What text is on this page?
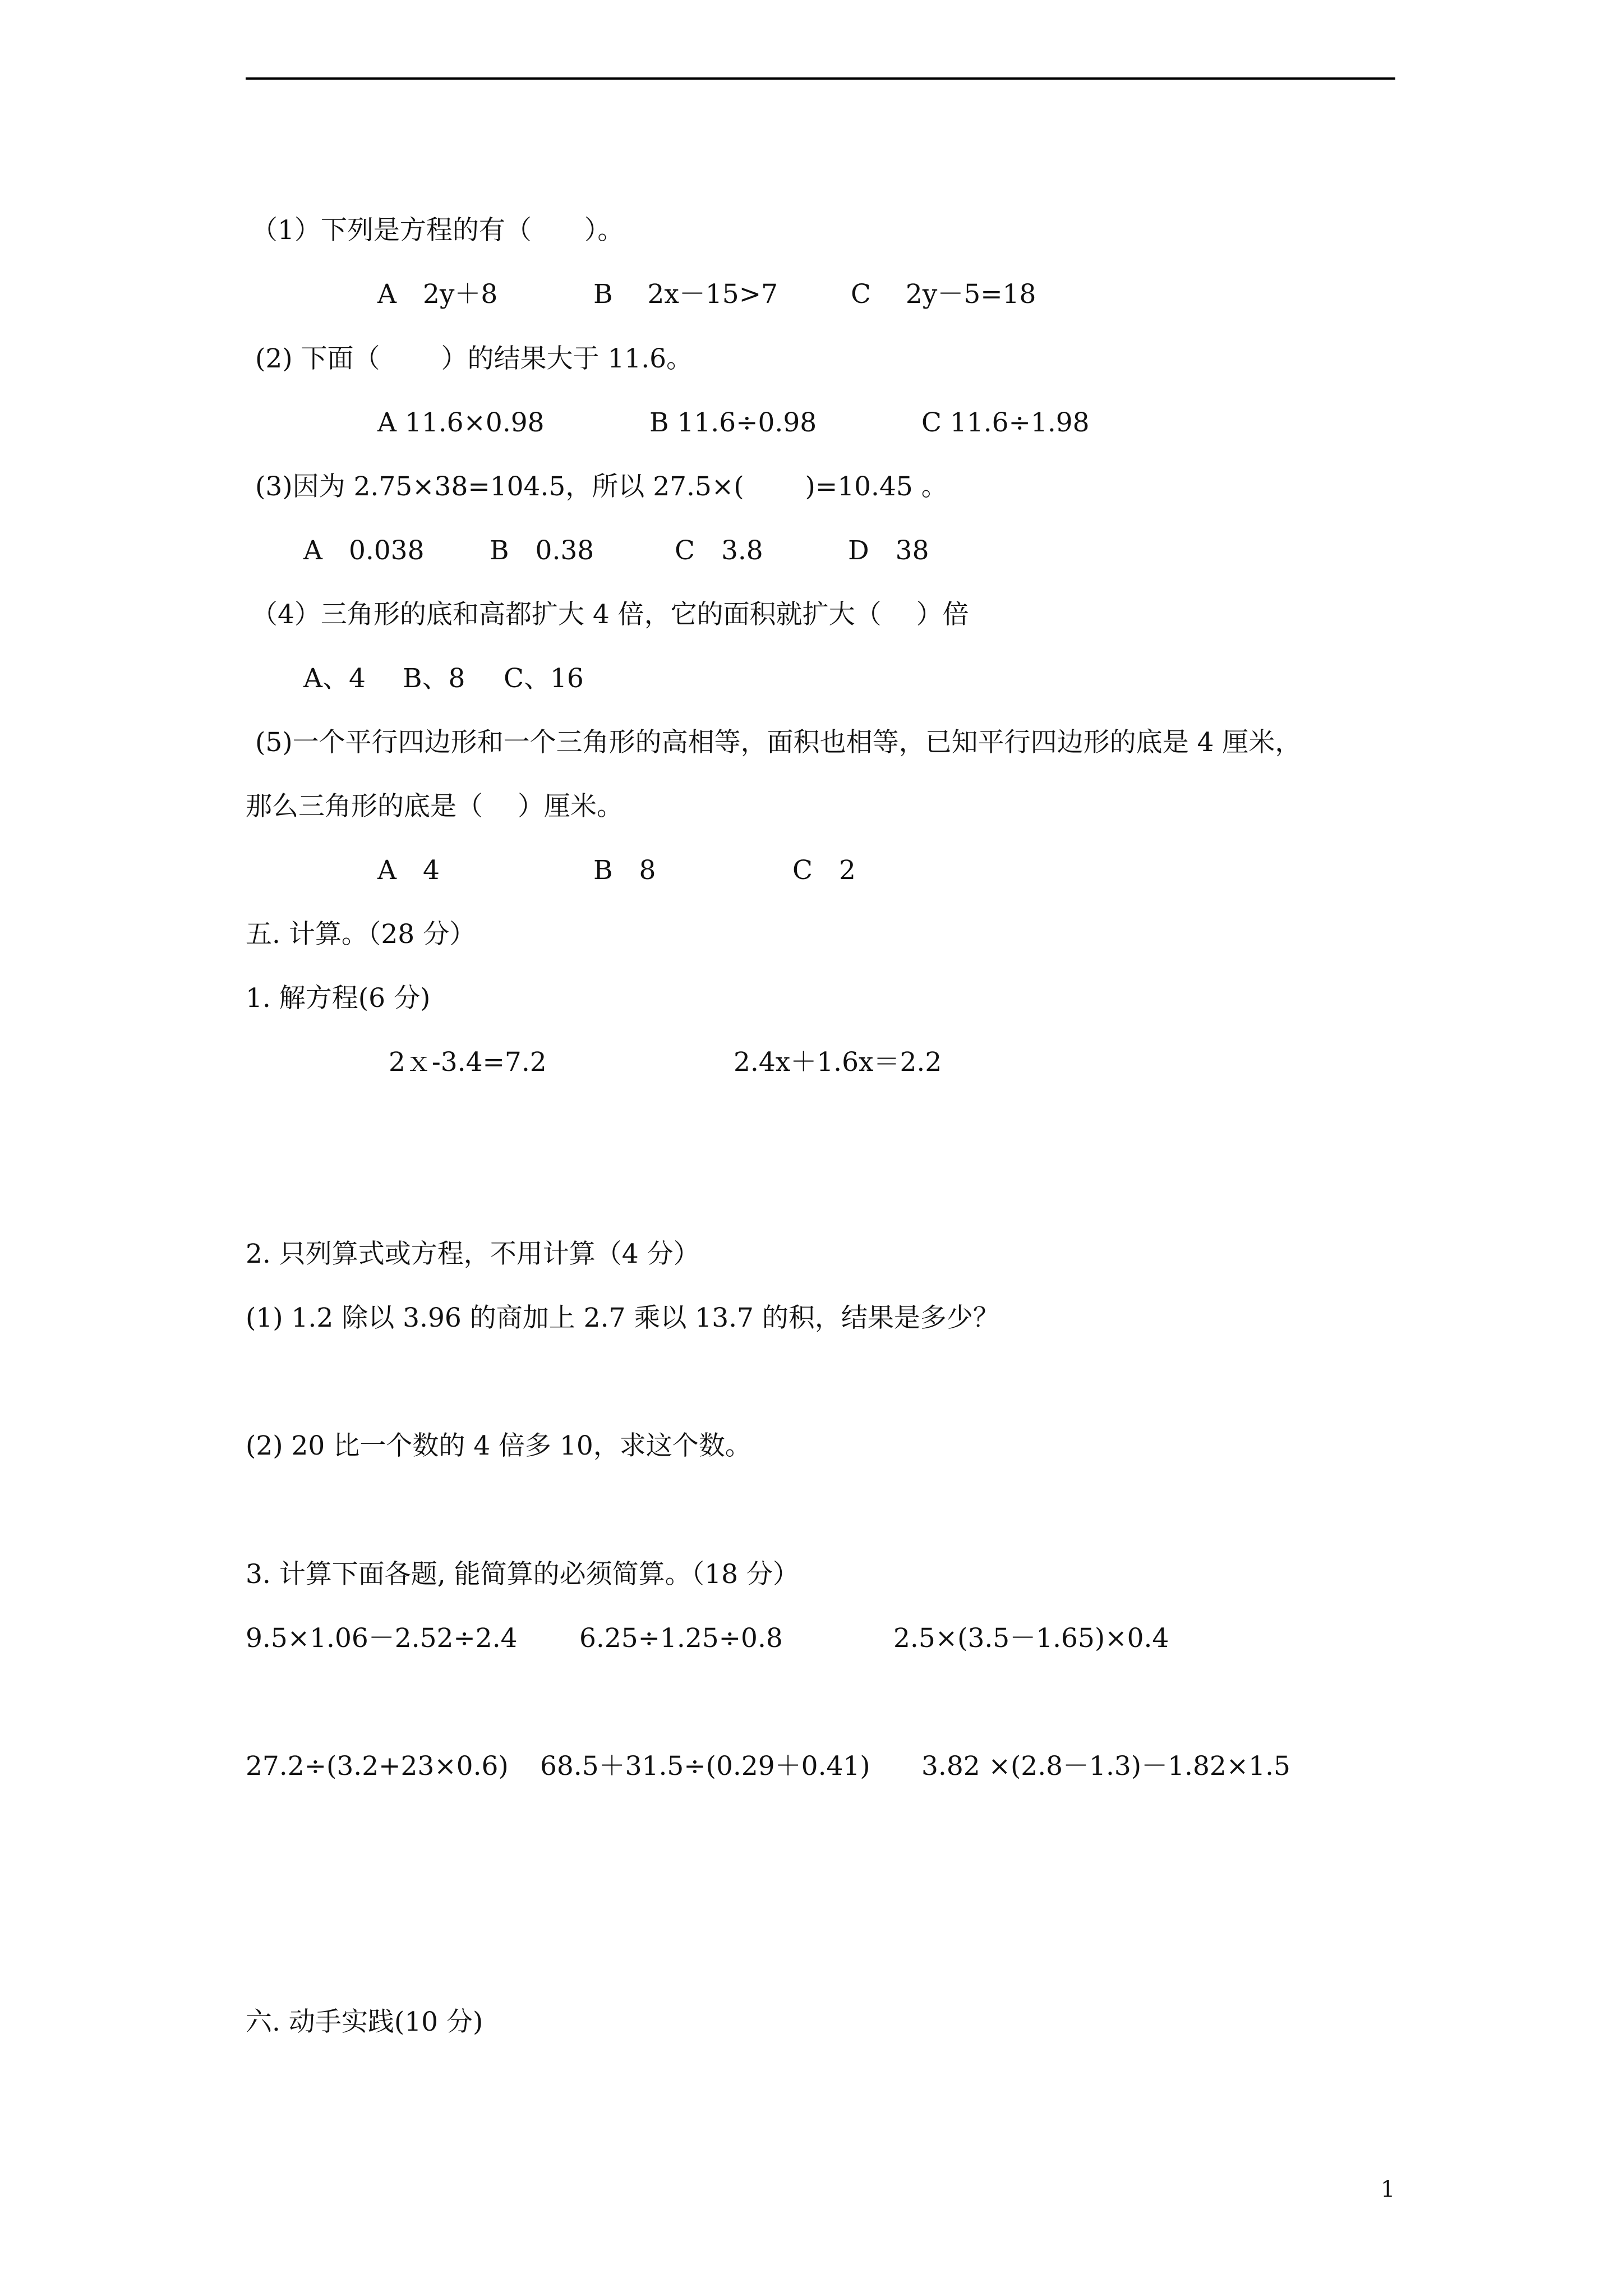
（1）下列是方程的有（　　）。

A　2y＋8	B　 2x－15>7	C　 2y－5=18

(2) 下面（　　 ）的结果大于 11.6。

A 11.6×0.98	B 11.6÷0.98	C 11.6÷1.98

(3)因为 2.75×38=104.5，所以 27.5×(　　 )=10.45 。

A　0.038 B　0.38	C　3.8	D　38

（4）三角形的底和高都扩大 4 倍，它的面积就扩大（　 ）倍

A、4 B、8 C、16

(5)一个平行四边形和一个三角形的高相等，面积也相等，已知平行四边形的底是 4 厘米，

那么三角形的底是（　 ）厘米。

A　4	B　8	C　2

五. 计算。（28 分）

1. 解方程(6 分)

2ｘ-3.4=7.2	2.4x＋1.6x＝2.2

2. 只列算式或方程，不用计算（4 分）

(1) 1.2 除以 3.96 的商加上 2.7 乘以 13.7 的积，结果是多少？

(2) 20 比一个数的 4 倍多 10，求这个数。

3. 计算下面各题, 能简算的必须简算。（18 分）

9.5×1.06－2.52÷2.4 6.25÷1.25÷0.8	2.5×(3.5－1.65)×0.4

27.2÷(3.2+23×0.6) 68.5＋31.5÷(0.29＋0.41) 3.82 ×(2.8－1.3)－1.82×1.5

六. 动手实践(10 分)

1
